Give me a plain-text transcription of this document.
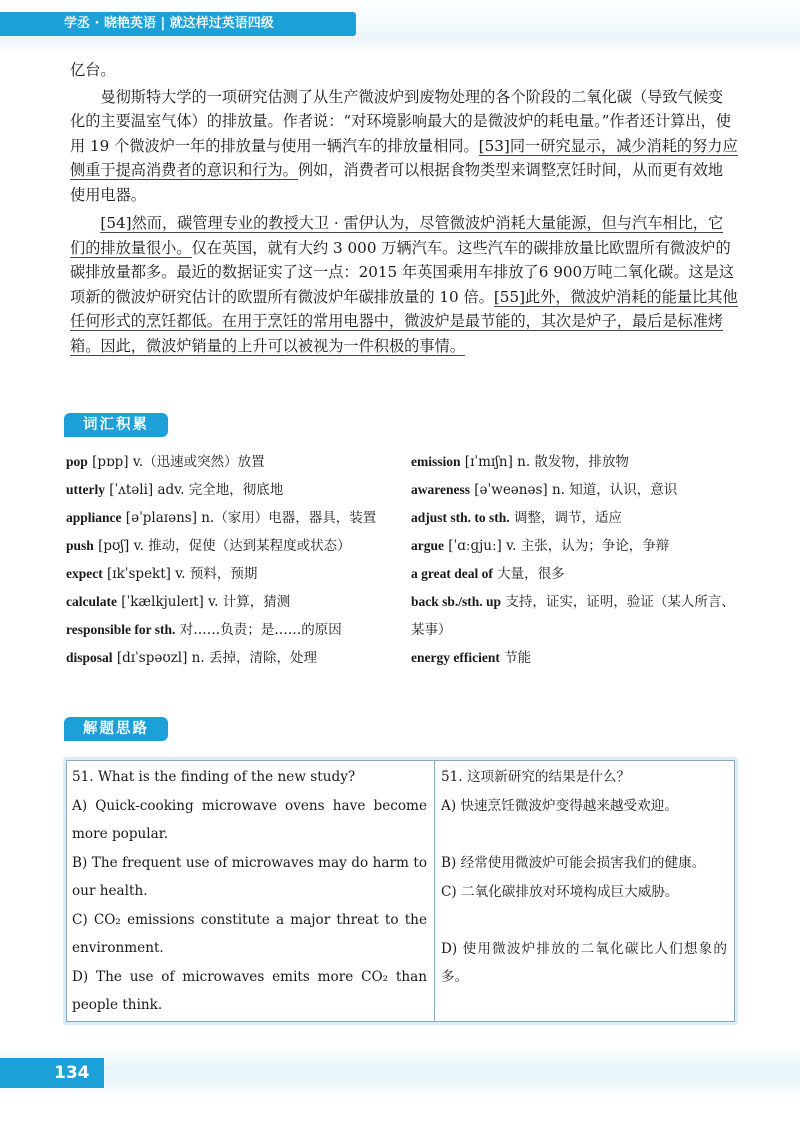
学丞 · 晓艳英语 | 就这样过英语四级

亿台。

曼彻斯特大学的一项研究估测了从生产微波炉到废物处理的各个阶段的二氧化碳（导致气候变化的主要温室气体）的排放量。作者说：“对环境影响最大的是微波炉的耗电量。”作者还计算出，使用 19 个微波炉一年的排放量与使用一辆汽车的排放量相同。[53]同一研究显示，减少消耗的努力应侧重于提高消费者的意识和行为。例如，消费者可以根据食物类型来调整烹饪时间，从而更有效地使用电器。

[54]然而，碳管理专业的教授大卫 · 雷伊认为，尽管微波炉消耗大量能源，但与汽车相比，它们的排放量很小。仅在英国，就有大约 3 000 万辆汽车。这些汽车的碳排放量比欧盟所有微波炉的碳排放量都多。最近的数据证实了这一点：2015 年英国乘用车排放了6 900万吨二氧化碳。这是这项新的微波炉研究估计的欧盟所有微波炉年碳排放量的 10 倍。[55]此外，微波炉消耗的能量比其他任何形式的烹饪都低。在用于烹饪的常用电器中，微波炉是最节能的，其次是炉子，最后是标准烤箱。因此，微波炉销量的上升可以被视为一件积极的事情。

词汇积累
pop [pɒp] v.（迅速或突然）放置
utterly [ˈʌtəli] adv. 完全地，彻底地
appliance [əˈplaɪəns] n.（家用）电器，器具，装置
push [pʊʃ] v. 推动，促使（达到某程度或状态）
expect [ɪkˈspekt] v. 预料，预期
calculate [ˈkælkjuleɪt] v. 计算，猜测
responsible for sth. 对……负责；是……的原因
disposal [dɪˈspəʊzl] n. 丢掉，清除，处理
emission [ɪˈmɪʃn] n. 散发物，排放物
awareness [əˈweənəs] n. 知道，认识，意识
adjust sth. to sth. 调整，调节，适应
argue [ˈɑːɡjuː] v. 主张，认为；争论，争辩
a great deal of 大量，很多
back sb./sth. up 支持，证实，证明，验证（某人所言、某事）
energy efficient 节能
解题思路
51. What is the finding of the new study?
A) Quick-cooking microwave ovens have become more popular.
B) The frequent use of microwaves may do harm to our health.
C) CO₂ emissions constitute a major threat to the environment.
D) The use of microwaves emits more CO₂ than people think.
51. 这项新研究的结果是什么？
A) 快速烹饪微波炉变得越来越受欢迎。
B) 经常使用微波炉可能会损害我们的健康。
C) 二氧化碳排放对环境构成巨大威胁。
D) 使用微波炉排放的二氧化碳比人们想象的多。
134
